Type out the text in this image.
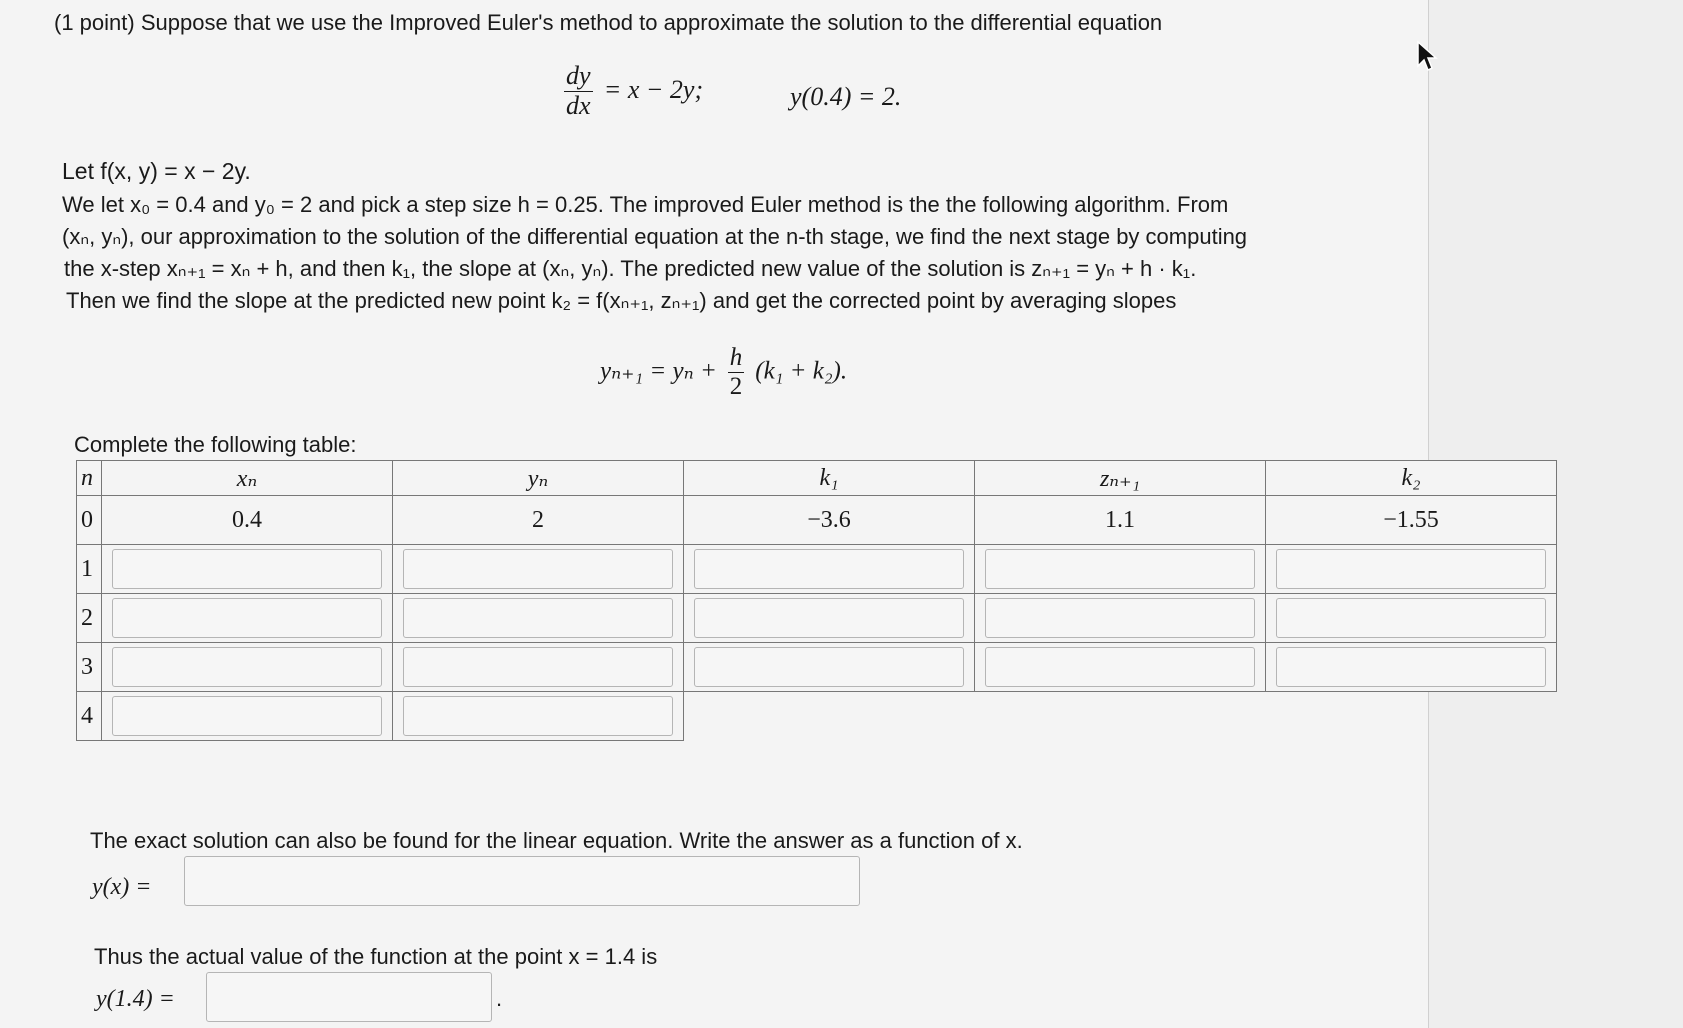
(1 point) Suppose that we use the Improved Euler's method to approximate the solution to the differential equation
$\frac{dy}{dx} = x - 2y$;	y(0.4) = 2.
Let f(x, y) = x − 2y.
We let x₀ = 0.4 and y₀ = 2 and pick a step size h = 0.25. The improved Euler method is the the following algorithm. From
(xₙ, yₙ), our approximation to the solution of the differential equation at the n-th stage, we find the next stage by computing
the x-step xₙ₊₁ = xₙ + h, and then k₁, the slope at (xₙ, yₙ). The predicted new value of the solution is zₙ₊₁ = yₙ + h · k₁.
Then we find the slope at the predicted new point k₂ = f(xₙ₊₁, zₙ₊₁) and get the corrected point by averaging slopes
$y_{n+1} = y_n + \frac{h}{2} (k_1 + k_2)$.
Complete the following table:
n	xₙ	yₙ	k₁	zₙ₊₁	k₂
0	0.4	2	−3.6	1.1	−1.55
1	

2	

3	

4	

The exact solution can also be found for the linear equation. Write the answer as a function of x.
y(x) =
Thus the actual value of the function at the point x = 1.4 is
y(1.4) =	.
